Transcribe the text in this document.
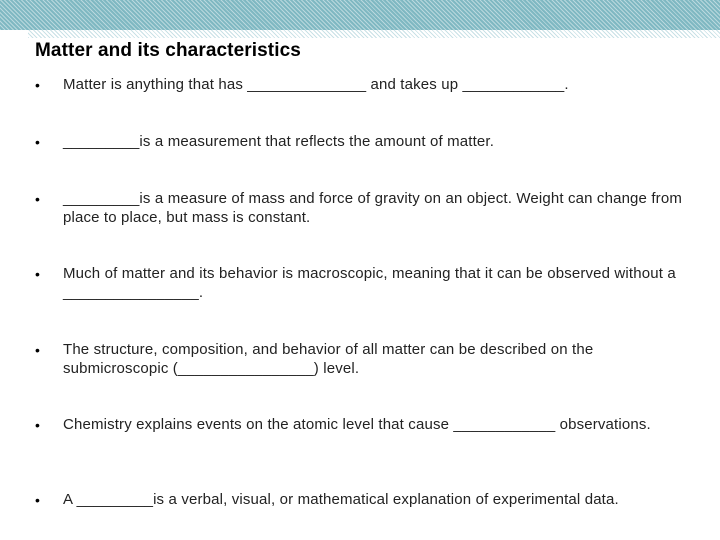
Matter and its characteristics
• Matter is anything that has ______________ and takes up ____________.
• _________is a measurement that reflects the amount of matter.
• _________is a measure of mass and force of gravity on an object. Weight can change from place to place, but mass is constant.
• Much of matter and its behavior is macroscopic, meaning that it can be observed without a ________________.
• The structure, composition, and behavior of all matter can be described on the submicroscopic (________________) level.
• Chemistry explains events on the atomic level that cause ____________ observations.
• A _________is a verbal, visual, or mathematical explanation of experimental data.
